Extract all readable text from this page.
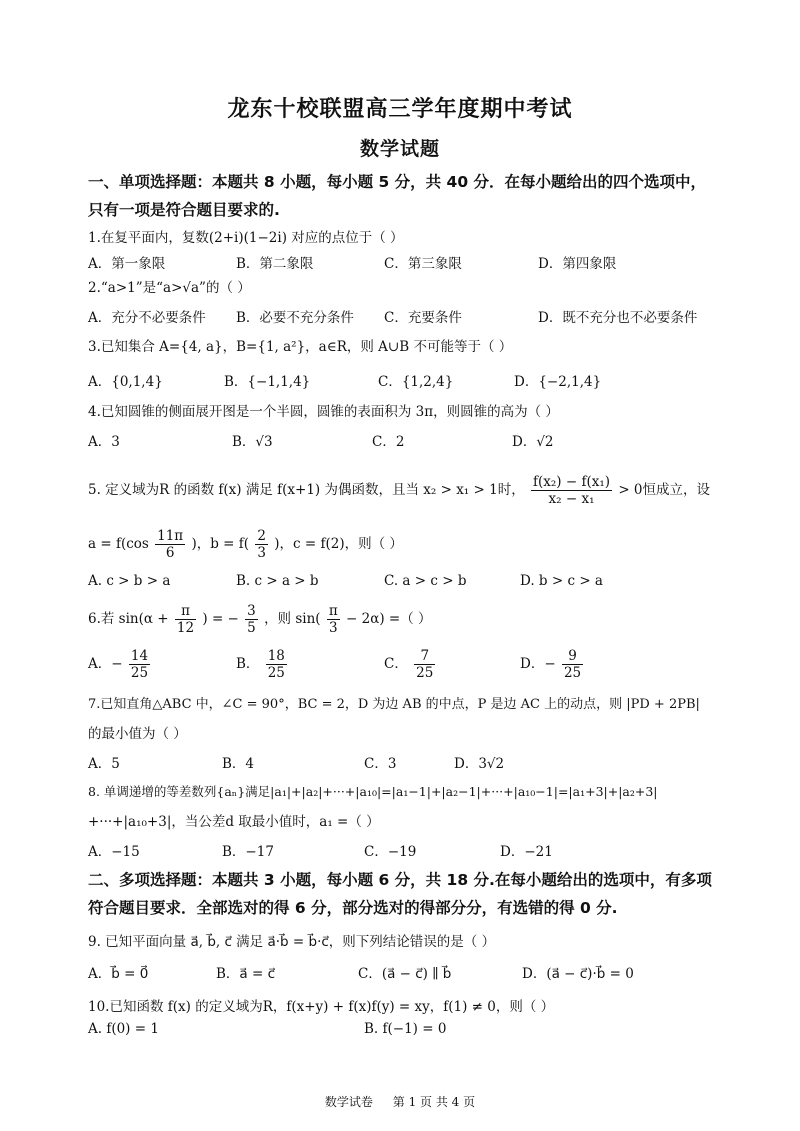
龙东十校联盟高三学年度期中考试
数学试题
一、单项选择题：本题共 8 小题，每小题 5 分，共 40 分．在每小题给出的四个选项中，
只有一项是符合题目要求的.
1.在复平面内，复数(2+i)(1−2i) 对应的点位于（ ）
A．第一象限	B．第二象限	C．第三象限	D．第四象限
2.“a>1”是“a>√a”的（ ）
A．充分不必要条件 B．必要不充分条件 C．充要条件	D．既不充分也不必要条件
3.已知集合 A={4, a}，B={1, a²}，a∈R，则 A∪B 不可能等于（ ）
A．{0,1,4}	B．{−1,1,4}	C．{1,2,4}	D．{−2,1,4}
4.已知圆锥的侧面展开图是一个半圆，圆锥的表面积为 3π，则圆锥的高为（ ）
A．3	B．√3	C．2	D．√2
5. 定义域为R 的函数 f(x) 满足 f(x+1) 为偶函数，且当 x₂ > x₁ > 1时， $\frac{\text{f(x₂) − f(x₁)}}{\text{x₂ − x₁}} > 0$恒成立，设
$a = f(\cos \frac{11\pi}{6}$ )，$b = f( \frac{2}{3}$ )，c = f(2)，则（ ）
A. c > b > a	B. c > a > b	C. a > c > b	D. b > c > a
6.若 $\sin(\alpha + \frac{\pi}{12}$ ) = − $\frac{3}{5}$ ，则 $\sin( \frac{\pi}{3} - 2\alpha)$ =（ ）
A．− $\frac{14}{25}$	B． $\frac{18}{25}$	C． $\frac{7}{25}$	D．− $\frac{9}{25}$
7.已知直角△ABC 中，∠C = 90°，BC = 2，D 为边 AB 的中点，P 是边 AC 上的动点，则 |PD + 2PB|
的最小值为（ ）
A．5	B．4	C．3	D．3√2
8. 单调递增的等差数列{aₙ}满足|a₁|+|a₂|+···+|a₁₀|=|a₁−1|+|a₂−1|+···+|a₁₀−1|=|a₁+3|+|a₂+3|
+···+|a₁₀+3|，当公差d 取最小值时，a₁ =（ ）
A．−15	B．−17	C．−19	D．−21
二、多项选择题：本题共 3 小题，每小题 6 分，共 18 分.在每小题给出的选项中，有多项
符合题目要求．全部选对的得 6 分，部分选对的得部分分，有选错的得 0 分.
9. 已知平面向量 a⃗, b⃗, c⃗ 满足 a⃗·b⃗ = b⃗·c⃗，则下列结论错误的是（ ）
A．b⃗ = 0⃗	B．a⃗ = c⃗	C．(a⃗ − c⃗) ∥ b⃗	D．(a⃗ − c⃗)·b⃗ = 0
10.已知函数 f(x) 的定义域为R，f(x+y) + f(x)f(y) = xy，f(1) ≠ 0，则（ ）
A. f(0) = 1	B. f(−1) = 0
数学试卷 第 1 页 共 4 页
